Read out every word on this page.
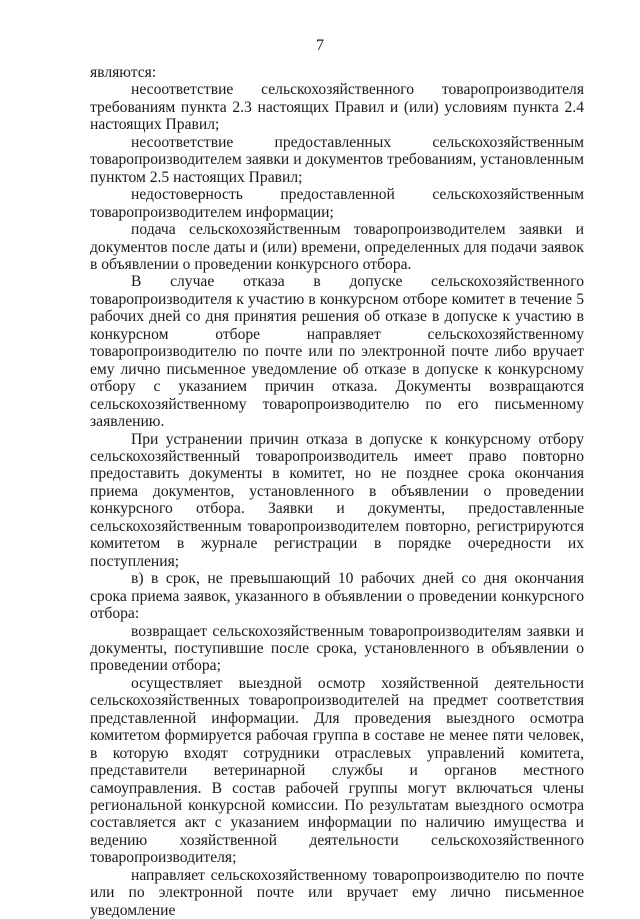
7

являются:

несоответствие сельскохозяйственного товаропроизводителя требованиям пункта 2.3 настоящих Правил и (или) условиям пункта 2.4 настоящих Правил;

несоответствие предоставленных сельскохозяйственным товаропроизводителем заявки и документов требованиям, установленным пунктом 2.5 настоящих Правил;

недостоверность предоставленной сельскохозяйственным товаропроизводителем информации;

подача сельскохозяйственным товаропроизводителем заявки и документов после даты и (или) времени, определенных для подачи заявок в объявлении о проведении конкурсного отбора.

В случае отказа в допуске сельскохозяйственного товаропроизводителя к участию в конкурсном отборе комитет в течение 5 рабочих дней со дня принятия решения об отказе в допуске к участию в конкурсном отборе направляет сельскохозяйственному товаропроизводителю по почте или по электронной почте либо вручает ему лично письменное уведомление об отказе в допуске к конкурсному отбору с указанием причин отказа. Документы возвращаются сельскохозяйственному товаропроизводителю по его письменному заявлению.

При устранении причин отказа в допуске к конкурсному отбору сельскохозяйственный товаропроизводитель имеет право повторно предоставить документы в комитет, но не позднее срока окончания приема документов, установленного в объявлении о проведении конкурсного отбора. Заявки и документы, предоставленные сельскохозяйственным товаропроизводителем повторно, регистрируются комитетом в журнале регистрации в порядке очередности их поступления;

в) в срок, не превышающий 10 рабочих дней со дня окончания срока приема заявок, указанного в объявлении о проведении конкурсного отбора:

возвращает сельскохозяйственным товаропроизводителям заявки и документы, поступившие после срока, установленного в объявлении о проведении отбора;

осуществляет выездной осмотр хозяйственной деятельности сельскохозяйственных товаропроизводителей на предмет соответствия представленной информации. Для проведения выездного осмотра комитетом формируется рабочая группа в составе не менее пяти человек, в которую входят сотрудники отраслевых управлений комитета, представители ветеринарной службы и органов местного самоуправления. В состав рабочей группы могут включаться члены региональной конкурсной комиссии. По результатам выездного осмотра составляется акт с указанием информации по наличию имущества и ведению хозяйственной деятельности сельскохозяйственного товаропроизводителя;

направляет сельскохозяйственному товаропроизводителю по почте или по электронной почте или вручает ему лично письменное уведомление
